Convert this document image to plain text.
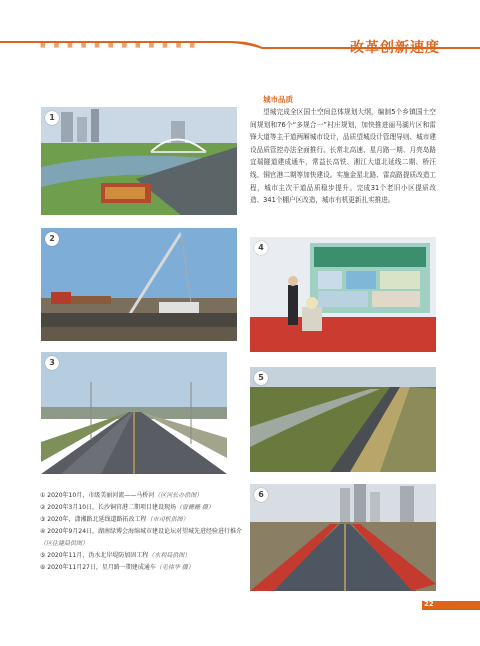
■ ■ ■ ■ ■ ■ ■ ■ ■ ■ ■ ■	改革创新速度
城市品质
望城完成全区国土空间总体规划大纲，编制5个乡镇国土空间规划和76个“多规合一”村庄规划，加快推进丽马湖片区和雷锋大道等主干道两厢城市设计，品质望城设计管理导则、城市建设品质管控办法全面推行。长常北高速、星月路一期、月亮岛路宜瑞隧道建成通车，常益长高铁、湘江大道北延线二期、桥汪线、铜官港二期等加快建设。实施金星北路、雷高路提质改造工程，城市主次干道品质稳步提升。完成31个老旧小区提质改造、341个棚户区改造，城市有机更新扎实推进。
1
2
3
4
5
6
① 2020年10月，市级美丽河流——马桥河（区河长办供图）
② 2020年3月10日，长沙铜官港二期项目建设现场（曾姗姗 摄）
③ 2020年，潇湘路北延线道路拓改工程（市司机供图）
④ 2020年9月24日，湖南绿博会海绵城市建设论坛对望城先进经验进行推介（区住建局供图）
⑤ 2020年11月，沩水北岸堤防加固工程（水利局供图）
⑥ 2020年11月27日，星月路一期建成通车（毛伟华 摄）
22
